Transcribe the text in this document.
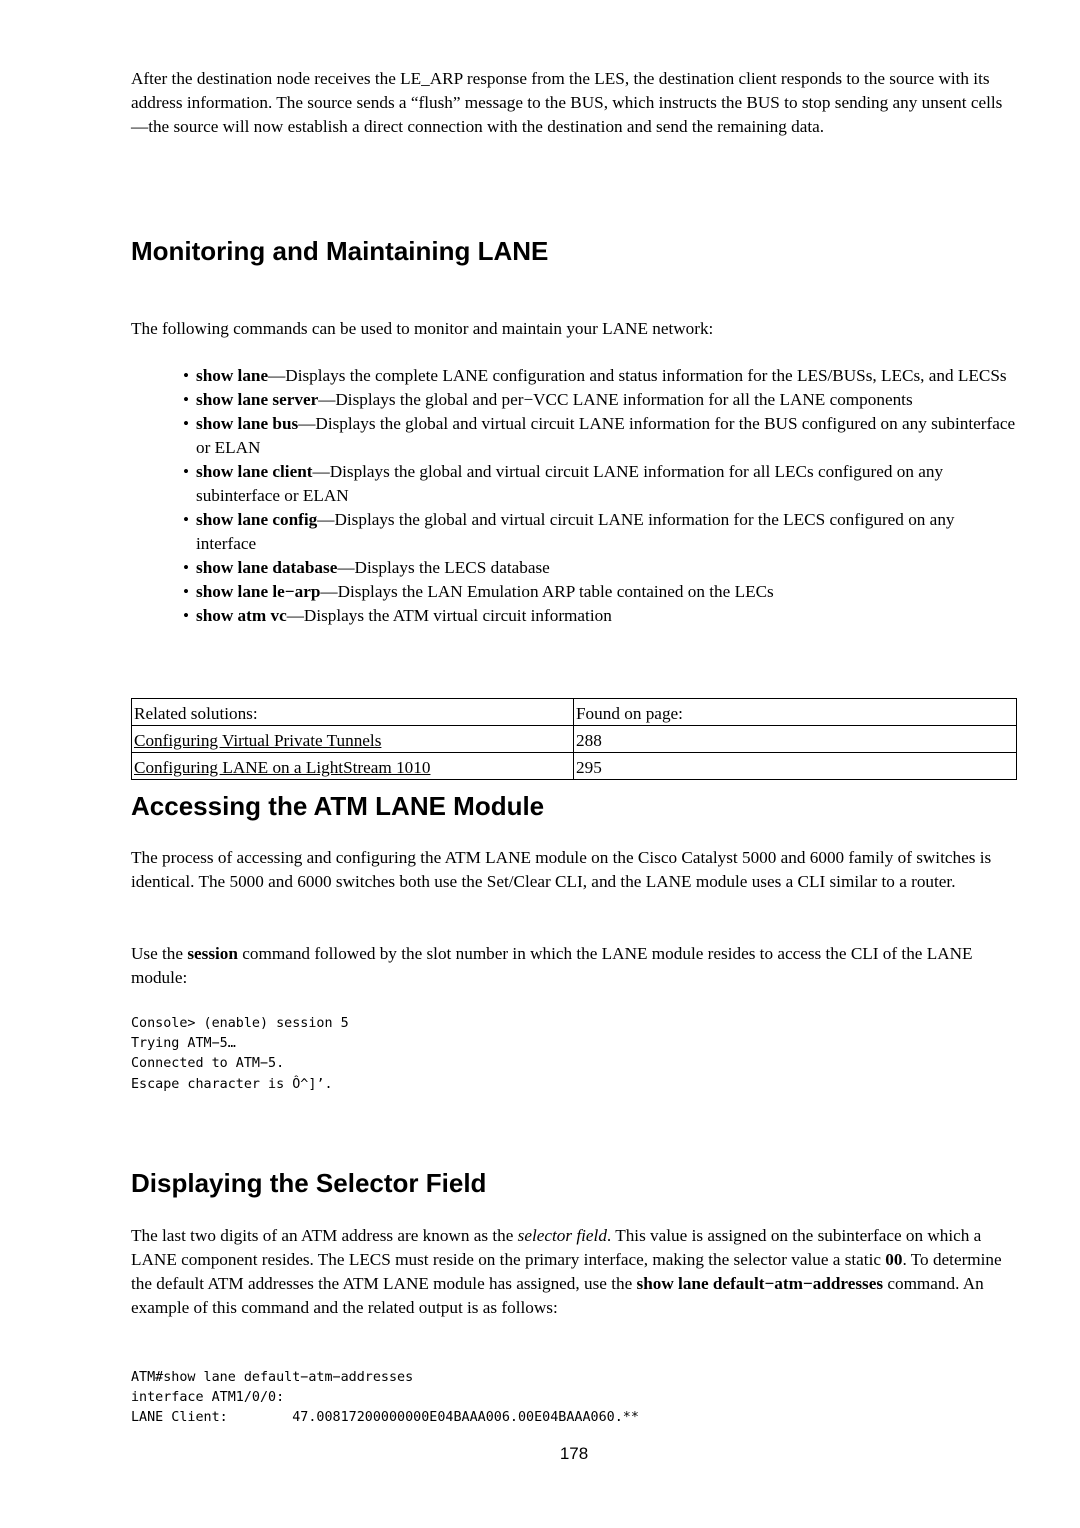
After the destination node receives the LE_ARP response from the LES, the destination client responds to the source with its address information. The source sends a “flush” message to the BUS, which instructs the BUS to stop sending any unsent cells—the source will now establish a direct connection with the destination and send the remaining data.

Monitoring and Maintaining LANE

The following commands can be used to monitor and maintain your LANE network:

• show lane—Displays the complete LANE configuration and status information for the LES/BUSs, LECs, and LECSs
• show lane server—Displays the global and per−VCC LANE information for all the LANE components
• show lane bus—Displays the global and virtual circuit LANE information for the BUS configured on any subinterface or ELAN
• show lane client—Displays the global and virtual circuit LANE information for all LECs configured on any subinterface or ELAN
• show lane config—Displays the global and virtual circuit LANE information for the LECS configured on any interface
• show lane database—Displays the LECS database
• show lane le−arp—Displays the LAN Emulation ARP table contained on the LECs
• show atm vc—Displays the ATM virtual circuit information
Related solutions:	Found on page:
Configuring Virtual Private Tunnels	288
Configuring LANE on a LightStream 1010	295
Accessing the ATM LANE Module

The process of accessing and configuring the ATM LANE module on the Cisco Catalyst 5000 and 6000 family of switches is identical. The 5000 and 6000 switches both use the Set/Clear CLI, and the LANE module uses a CLI similar to a router.

Use the session command followed by the slot number in which the LANE module resides to access the CLI of the LANE module:

Console> (enable) session 5
Trying ATM−5…
Connected to ATM−5.
Escape character is Ô^]’.
Displaying the Selector Field

The last two digits of an ATM address are known as the selector field. This value is assigned on the subinterface on which a LANE component resides. The LECS must reside on the primary interface, making the selector value a static 00. To determine the default ATM addresses the ATM LANE module has assigned, use the show lane default−atm−addresses command. An example of this command and the related output is as follows:

ATM#show lane default−atm−addresses
interface ATM1/0/0:
LANE Client:        47.00817200000000E04BAAA006.00E04BAAA060.**
178
